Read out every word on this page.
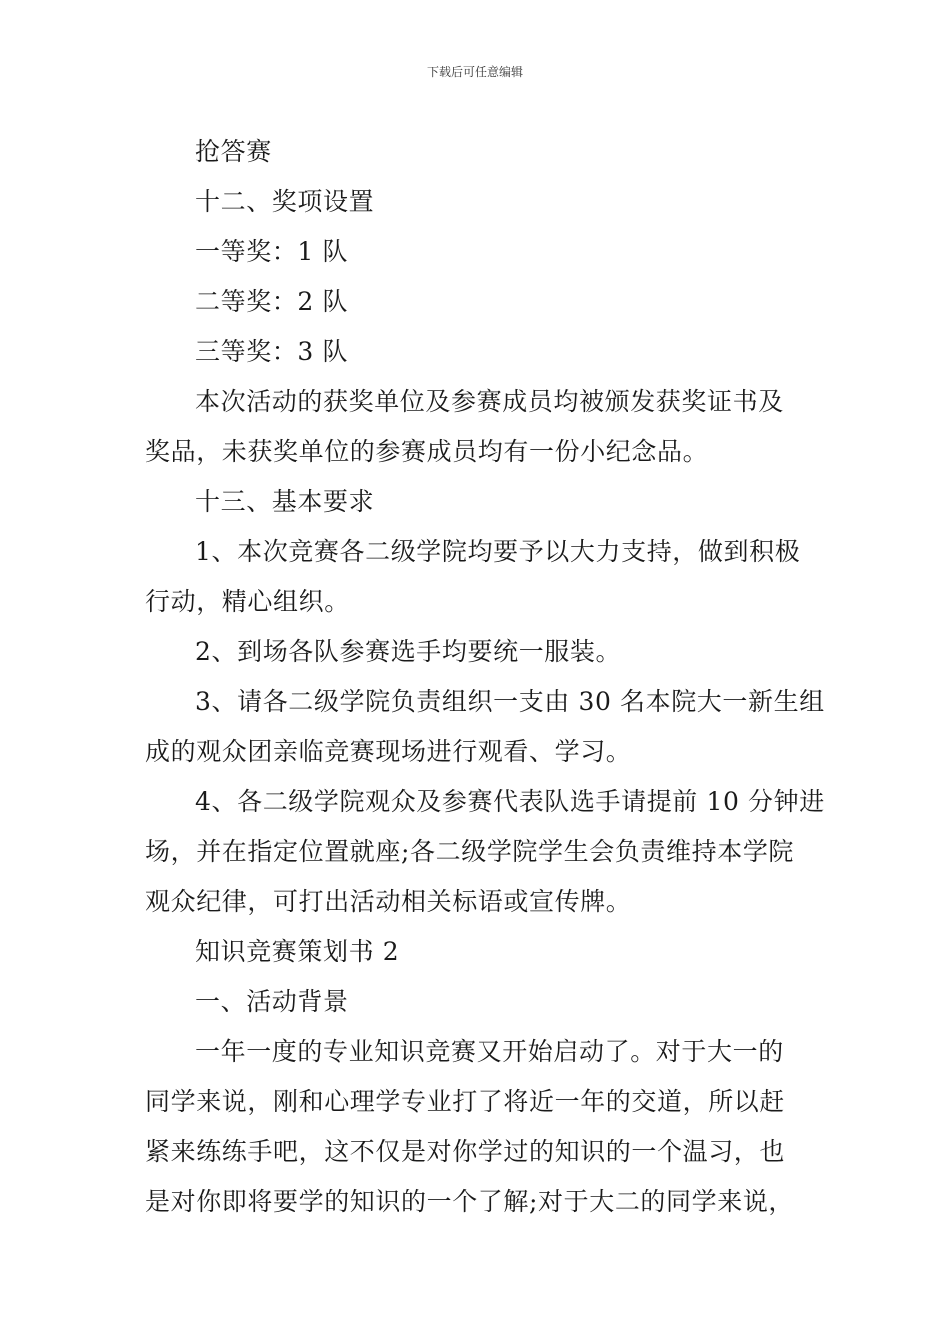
下载后可任意编辑

抢答赛

十二、奖项设置

一等奖：1 队

二等奖：2 队

三等奖：3 队

本次活动的获奖单位及参赛成员均被颁发获奖证书及

奖品，未获奖单位的参赛成员均有一份小纪念品。

十三、基本要求

1、本次竞赛各二级学院均要予以大力支持，做到积极

行动，精心组织。

2、到场各队参赛选手均要统一服装。

3、请各二级学院负责组织一支由 30 名本院大一新生组

成的观众团亲临竞赛现场进行观看、学习。

4、各二级学院观众及参赛代表队选手请提前 10 分钟进

场，并在指定位置就座;各二级学院学生会负责维持本学院

观众纪律，可打出活动相关标语或宣传牌。

知识竞赛策划书 2

一、活动背景

一年一度的专业知识竞赛又开始启动了。对于大一的

同学来说，刚和心理学专业打了将近一年的交道，所以赶

紧来练练手吧，这不仅是对你学过的知识的一个温习，也

是对你即将要学的知识的一个了解;对于大二的同学来说，
